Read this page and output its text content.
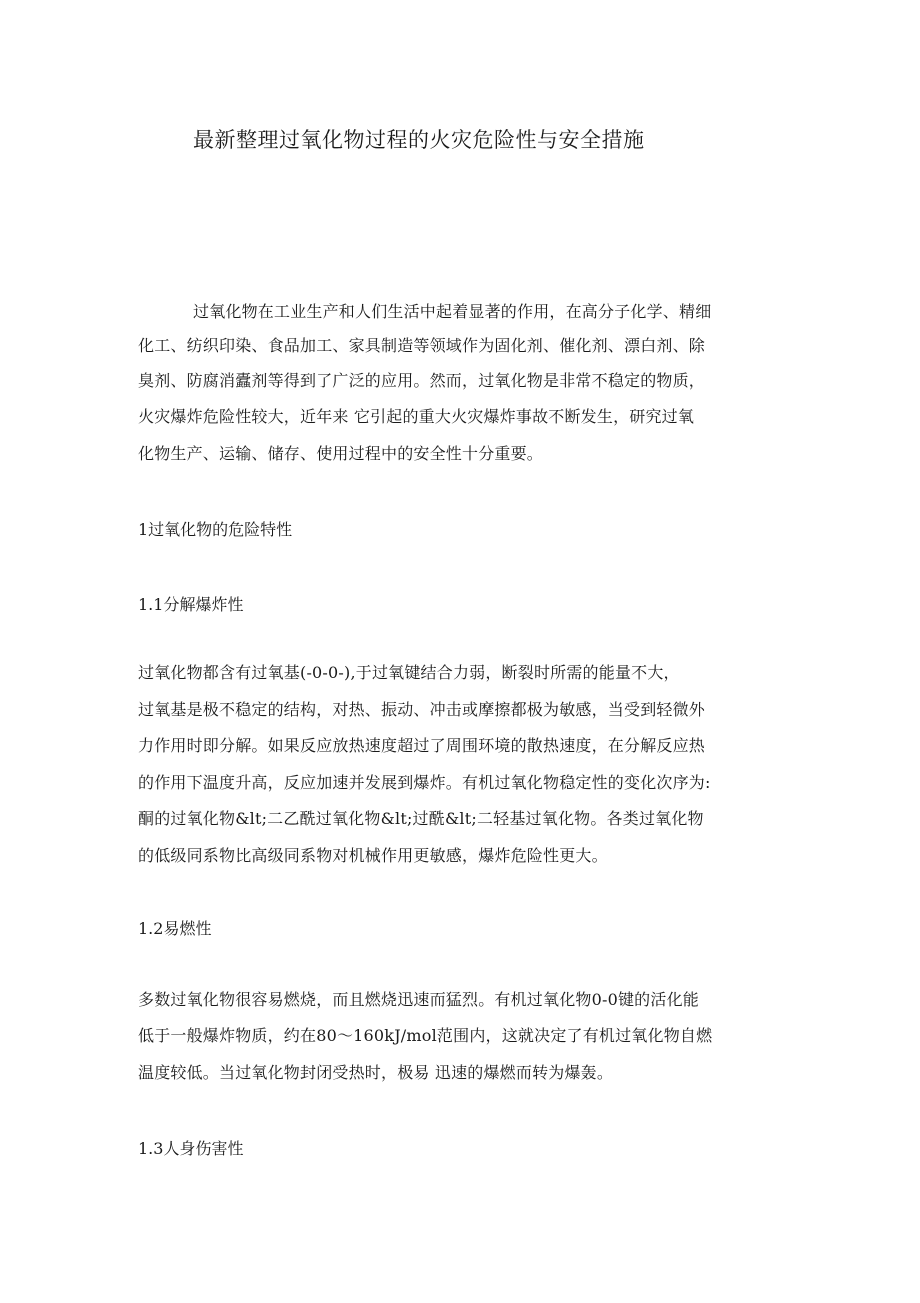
最新整理过氧化物过程的火灾危险性与安全措施
过氧化物在工业生产和人们生活中起着显著的作用，在高分子化学、精细
化工、纺织印染、食品加工、家具制造等领域作为固化剂、催化剂、漂白剂、除
臭剂、防腐消蠹剂等得到了广泛的应用。然而，过氧化物是非常不稳定的物质，
火灾爆炸危险性较大，近年来 它引起的重大火灾爆炸事故不断发生，研究过氧
化物生产、运输、储存、使用过程中的安全性十分重要。
1过氧化物的危险特性
1.1分解爆炸性
过氧化物都含有过氧基(-0-0-),于过氧键结合力弱，断裂时所需的能量不大，
过氧基是极不稳定的结构，对热、振动、冲击或摩擦都极为敏感，当受到轻微外
力作用时即分解。如果反应放热速度超过了周围环境的散热速度，在分解反应热
的作用下温度升高，反应加速并发展到爆炸。有机过氧化物稳定性的变化次序为:
酮的过氧化物&lt;二乙酰过氧化物&lt;过酰&lt;二轻基过氧化物。各类过氧化物
的低级同系物比高级同系物对机械作用更敏感，爆炸危险性更大。
1.2易燃性
多数过氧化物很容易燃烧，而且燃烧迅速而猛烈。有机过氧化物0-0键的活化能
低于一般爆炸物质，约在80〜160kJ/mol范围内，这就决定了有机过氧化物自燃
温度较低。当过氧化物封闭受热时，极易 迅速的爆燃而转为爆轰。
1.3人身伤害性
